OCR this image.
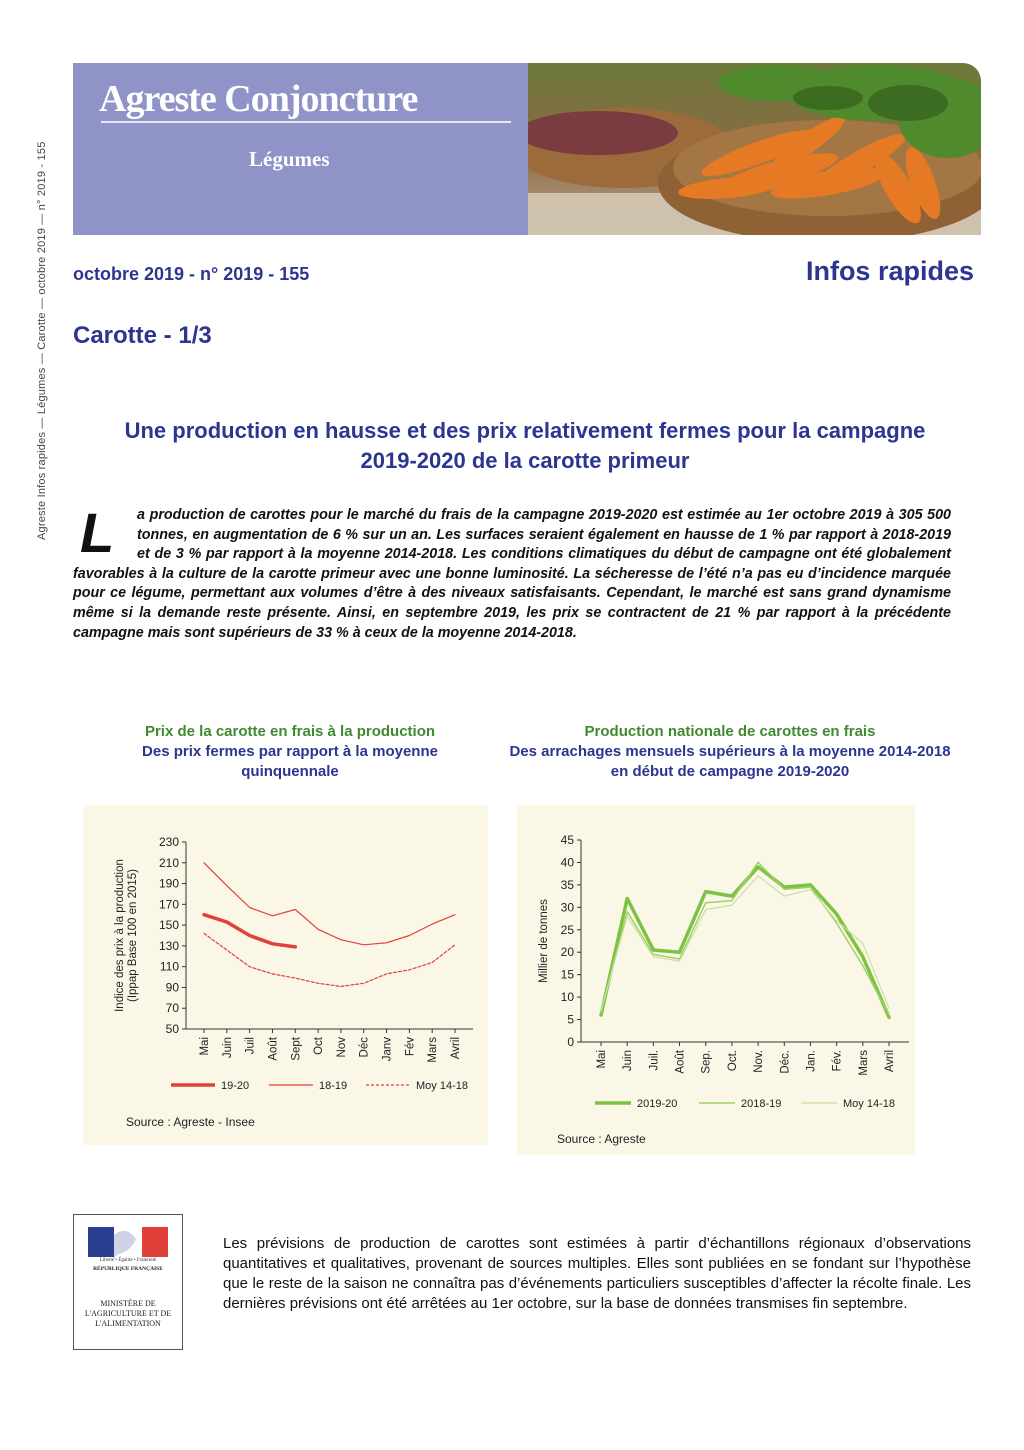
Agreste Infos rapides — Légumes — Carotte — octobre 2019 — n° 2019 - 155
Agreste Conjoncture
Légumes
octobre 2019 - n° 2019 - 155	Infos rapides
Carotte - 1/3
Une production en hausse et des prix relativement fermes pour la campagne 2019-2020 de la carotte primeur
L	a production de carottes pour le marché du frais de la campagne 2019-2020 est estimée au 1er octobre 2019 à 305 500 tonnes, en augmentation de 6 % sur un an. Les surfaces seraient également en hausse de 1 % par rapport à 2018-2019 et de 3 % par rapport à la moyenne 2014-2018. Les conditions climatiques du début de campagne ont été globalement favorables à la culture de la carotte primeur avec une bonne luminosité. La sécheresse de l’été n’a pas eu d’incidence marquée pour ce légume, permettant aux volumes d’être à des niveaux satisfaisants. Cependant, le marché est sans grand dynamisme même si la demande reste présente. Ainsi, en septembre 2019, les prix se contractent de 21 % par rapport à la précédente campagne mais sont supérieurs de 33 % à ceux de la moyenne 2014-2018.
Prix de la carotte en frais à la production
Des prix fermes par rapport à la moyenne quinquennale
Production nationale de carottes en frais
Des arrachages mensuels supérieurs à la moyenne 2014-2018 en début de campagne 2019-2020
50
70
90
110
130
150
170
190
210
230
Mai Juin Juil Août Sept Oct Nov Déc Janv Fév Mars Avril
Indice des prix à la production(Ippap Base 100 en 2015)
19-20	18-19	Moy 14-18
Source : Agreste - Insee
0
5
10
15
20
25
30
35
40
45
Mai Juin Juil. Août Sep. Oct. Nov. Déc. Jan. Fév. Mars Avril
Millier de tonnes
2019-20	2018-19	Moy 14-18
Source : Agreste
Liberté • Égalité • Fraternité
RÉPUBLIQUE FRANÇAISE
MINISTÈRE DE L'AGRICULTURE ET DE L'ALIMENTATION
Les prévisions de production de carottes sont estimées à partir d’échantillons régionaux d’observations quantitatives et qualitatives, provenant de sources multiples. Elles sont publiées en se fondant sur l’hypothèse que le reste de la saison ne connaîtra pas d’événements particuliers susceptibles d’affecter la récolte finale. Les dernières prévisions ont été arrêtées au 1er octobre, sur la base de données transmises fin septembre.
